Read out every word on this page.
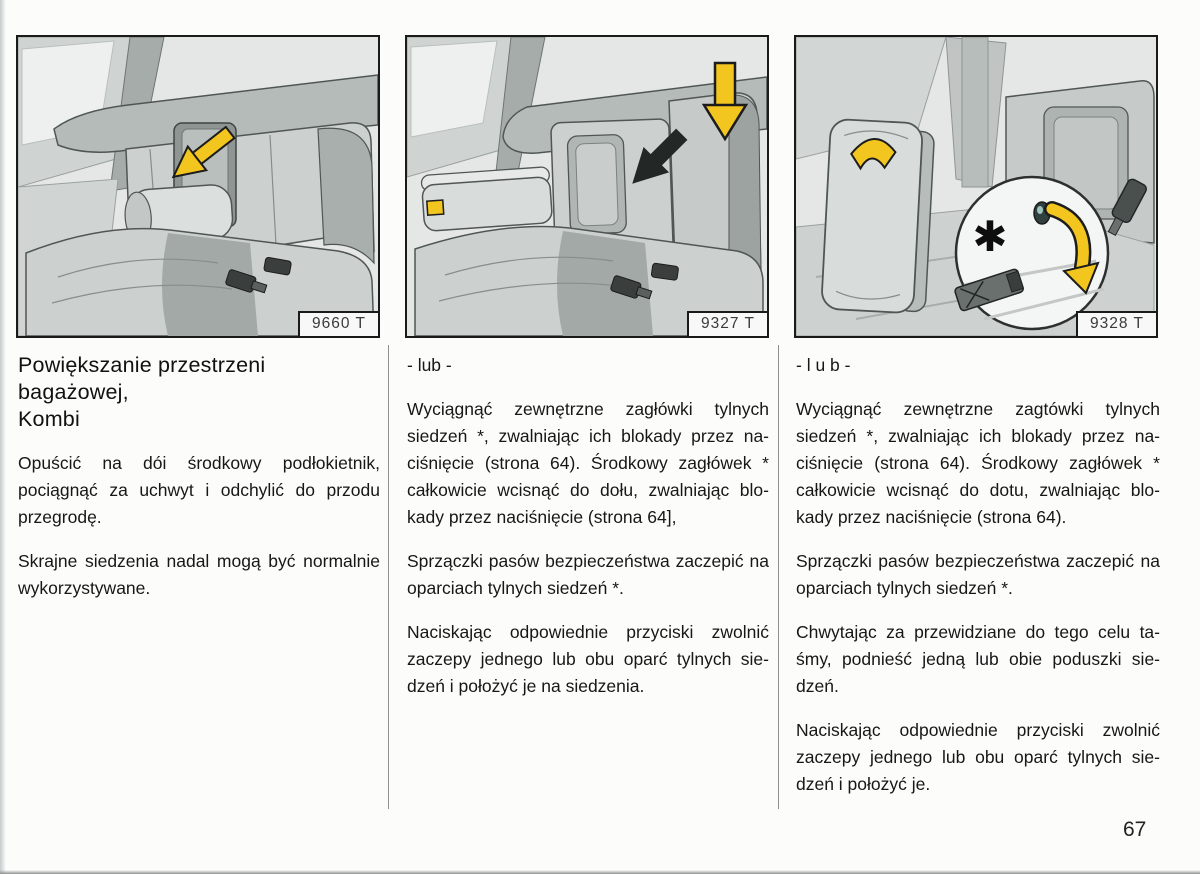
9660 T	9327 T
✱
9328 T
Powiększanie przestrzeni bagażowej,
Kombi

Opuścić na dói środkowy podłokietnik, pociągnąć za uchwyt i odchylić do przodu przegrodę.

Skrajne siedzenia nadal mogą być normalnie wykorzystywane.

- lub -

Wyciągnąć zewnętrzne zagłówki tylnych siedzeń *, zwalniając ich blokady przez naciśnięcie (strona 64). Środkowy zagłówek * całkowicie wcisnąć do dołu, zwalniając blokady przez naciśnięcie (strona 64],

Sprzączki pasów bezpieczeństwa zaczepić na oparciach tylnych siedzeń *.

Naciskając odpowiednie przyciski zwolnić zaczepy jednego lub obu oparć tylnych siedzeń i położyć je na siedzenia.

- l u b -

Wyciągnąć zewnętrzne zagtówki tylnych siedzeń *, zwalniając ich blokady przez naciśnięcie (strona 64). Środkowy zagłówek * całkowicie wcisnąć do dotu, zwalniając blokady przez naciśnięcie (strona 64).

Sprzączki pasów bezpieczeństwa zaczepić na oparciach tylnych siedzeń *.

Chwytając za przewidziane do tego celu taśmy, podnieść jedną lub obie poduszki siedzeń.

Naciskając odpowiednie przyciski zwolnić zaczepy jednego lub obu oparć tylnych siedzeń i położyć je.

67
